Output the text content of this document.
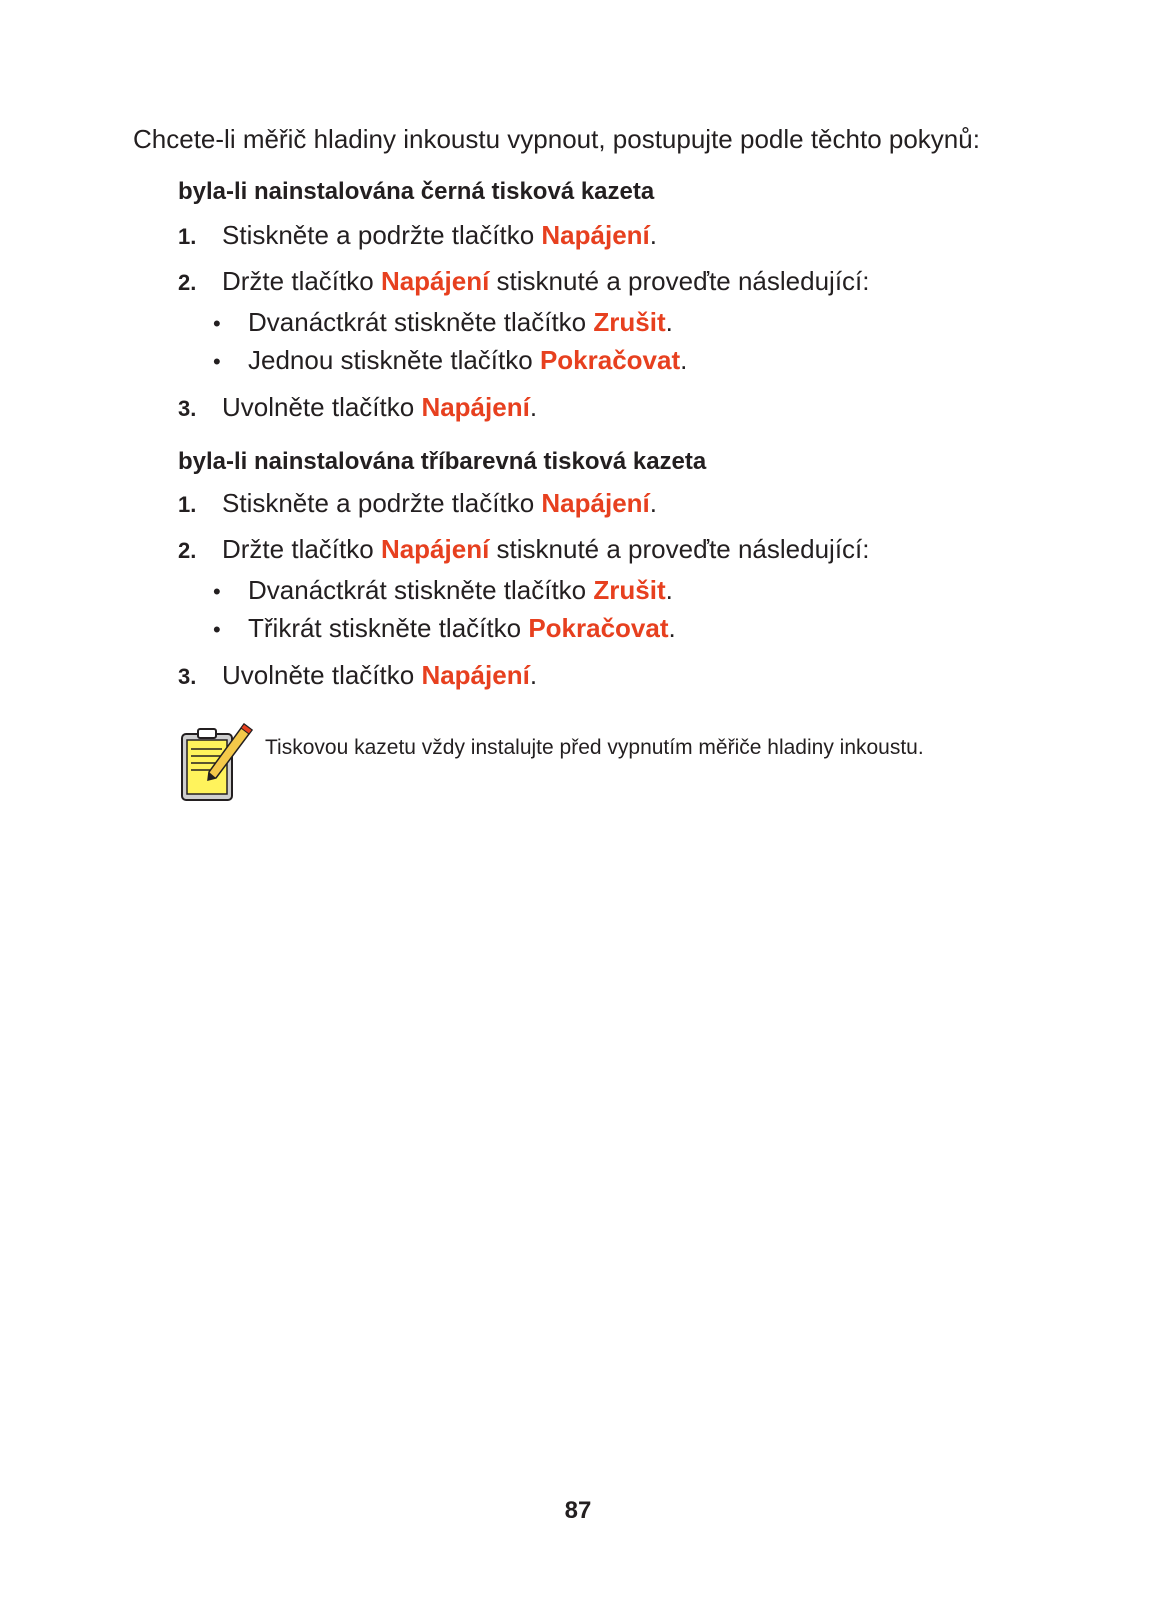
Chcete-li měřič hladiny inkoustu vypnout, postupujte podle těchto pokynů:
byla-li nainstalována černá tisková kazeta
1. Stiskněte a podržte tlačítko Napájení.
2. Držte tlačítko Napájení stisknuté a proveďte následující:
• Dvanáctkrát stiskněte tlačítko Zrušit.
• Jednou stiskněte tlačítko Pokračovat.
3. Uvolněte tlačítko Napájení.
byla-li nainstalována tříbarevná tisková kazeta
1. Stiskněte a podržte tlačítko Napájení.
2. Držte tlačítko Napájení stisknuté a proveďte následující:
• Dvanáctkrát stiskněte tlačítko Zrušit.
• Třikrát stiskněte tlačítko Pokračovat.
3. Uvolněte tlačítko Napájení.
Tiskovou kazetu vždy instalujte před vypnutím měřiče hladiny inkoustu.
87
